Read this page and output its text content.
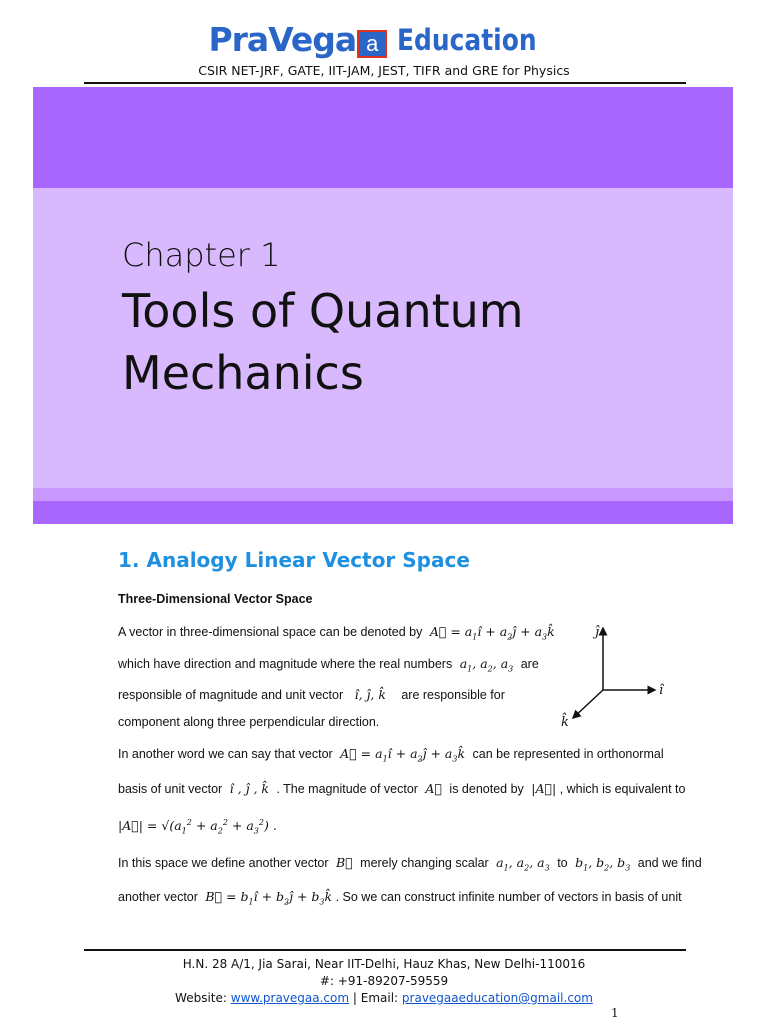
PraVega a Education
CSIR NET-JRF, GATE, IIT-JAM, JEST, TIFR and GRE for Physics
Chapter 1
Tools of Quantum Mechanics
1. Analogy Linear Vector Space
Three-Dimensional Vector Space
A vector in three-dimensional space can be denoted by  A⃗ = $a_1î$ + $a_2ĵ$ + $a_3k̂$
which have direction and magnitude where the real numbers  $a_1$, $a_2$, $a_3$ are
responsible of magnitude and unit vector   î, ĵ, k̂    are responsible for
component along three perpendicular direction.
ĵ
î
k̂
In another word we can say that vector  A⃗ = $a_1î$ + $a_2ĵ$ + $a_3k̂$  can be represented in orthonormal
basis of unit vector  î , ĵ , k̂  . The magnitude of vector  A⃗  is denoted by  |A⃗| , which is equivalent to
|A⃗| = $√(a_1^2 + a_2^2 + a_3^2)$ .
In this space we define another vector  B⃗  merely changing scalar  $a_1$, $a_2$, $a_3$ to  $b_1$, $b_2$, $b_3$ and we find
another vector  B⃗ = $b_1î$ + $b_2ĵ$ + $b_3k̂$ . So we can construct infinite number of vectors in basis of unit
H.N. 28 A/1, Jia Sarai, Near IIT-Delhi, Hauz Khas, New Delhi-110016
#: +91-89207-59559
Website: www.pravegaa.com | Email: pravegaaeducation@gmail.com
1
